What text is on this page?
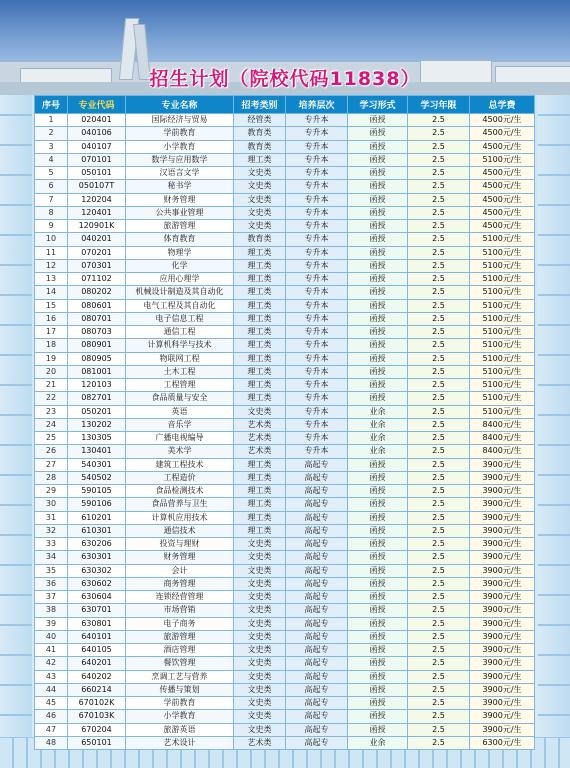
招生计划（院校代码11838）
序号	专业代码	专业名称	招考类别	培养层次	学习形式	学习年限	总学费
1	020401	国际经济与贸易	经管类	专升本	函授	2.5	4500元/生
2	040106	学前教育	教育类	专升本	函授	2.5	4500元/生
3	040107	小学教育	教育类	专升本	函授	2.5	4500元/生
4	070101	数学与应用数学	理工类	专升本	函授	2.5	5100元/生
5	050101	汉语言文学	文史类	专升本	函授	2.5	4500元/生
6	050107T	秘书学	文史类	专升本	函授	2.5	4500元/生
7	120204	财务管理	文史类	专升本	函授	2.5	4500元/生
8	120401	公共事业管理	文史类	专升本	函授	2.5	4500元/生
9	120901K	旅游管理	文史类	专升本	函授	2.5	4500元/生
10	040201	体育教育	教育类	专升本	函授	2.5	5100元/生
11	070201	物理学	理工类	专升本	函授	2.5	5100元/生
12	070301	化学	理工类	专升本	函授	2.5	5100元/生
13	071102	应用心理学	理工类	专升本	函授	2.5	5100元/生
14	080202	机械设计制造及其自动化	理工类	专升本	函授	2.5	5100元/生
15	080601	电气工程及其自动化	理工类	专升本	函授	2.5	5100元/生
16	080701	电子信息工程	理工类	专升本	函授	2.5	5100元/生
17	080703	通信工程	理工类	专升本	函授	2.5	5100元/生
18	080901	计算机科学与技术	理工类	专升本	函授	2.5	5100元/生
19	080905	物联网工程	理工类	专升本	函授	2.5	5100元/生
20	081001	土木工程	理工类	专升本	函授	2.5	5100元/生
21	120103	工程管理	理工类	专升本	函授	2.5	5100元/生
22	082701	食品质量与安全	理工类	专升本	函授	2.5	5100元/生
23	050201	英语	文史类	专升本	业余	2.5	5100元/生
24	130202	音乐学	艺术类	专升本	业余	2.5	8400元/生
25	130305	广播电视编导	艺术类	专升本	业余	2.5	8400元/生
26	130401	美术学	艺术类	专升本	业余	2.5	8400元/生
27	540301	建筑工程技术	理工类	高起专	函授	2.5	3900元/生
28	540502	工程造价	理工类	高起专	函授	2.5	3900元/生
29	590105	食品检测技术	理工类	高起专	函授	2.5	3900元/生
30	590106	食品营养与卫生	理工类	高起专	函授	2.5	3900元/生
31	610201	计算机应用技术	理工类	高起专	函授	2.5	3900元/生
32	610301	通信技术	理工类	高起专	函授	2.5	3900元/生
33	630206	投资与理财	文史类	高起专	函授	2.5	3900元/生
34	630301	财务管理	文史类	高起专	函授	2.5	3900元/生
35	630302	会计	文史类	高起专	函授	2.5	3900元/生
36	630602	商务管理	文史类	高起专	函授	2.5	3900元/生
37	630604	连锁经营管理	文史类	高起专	函授	2.5	3900元/生
38	630701	市场营销	文史类	高起专	函授	2.5	3900元/生
39	630801	电子商务	文史类	高起专	函授	2.5	3900元/生
40	640101	旅游管理	文史类	高起专	函授	2.5	3900元/生
41	640105	酒店管理	文史类	高起专	函授	2.5	3900元/生
42	640201	餐饮管理	文史类	高起专	函授	2.5	3900元/生
43	640202	烹调工艺与营养	文史类	高起专	函授	2.5	3900元/生
44	660214	传播与策划	文史类	高起专	函授	2.5	3900元/生
45	670102K	学前教育	文史类	高起专	函授	2.5	3900元/生
46	670103K	小学教育	文史类	高起专	函授	2.5	3900元/生
47	670204	旅游英语	文史类	高起专	函授	2.5	3900元/生
48	650101	艺术设计	艺术类	高起专	业余	2.5	6300元/生
